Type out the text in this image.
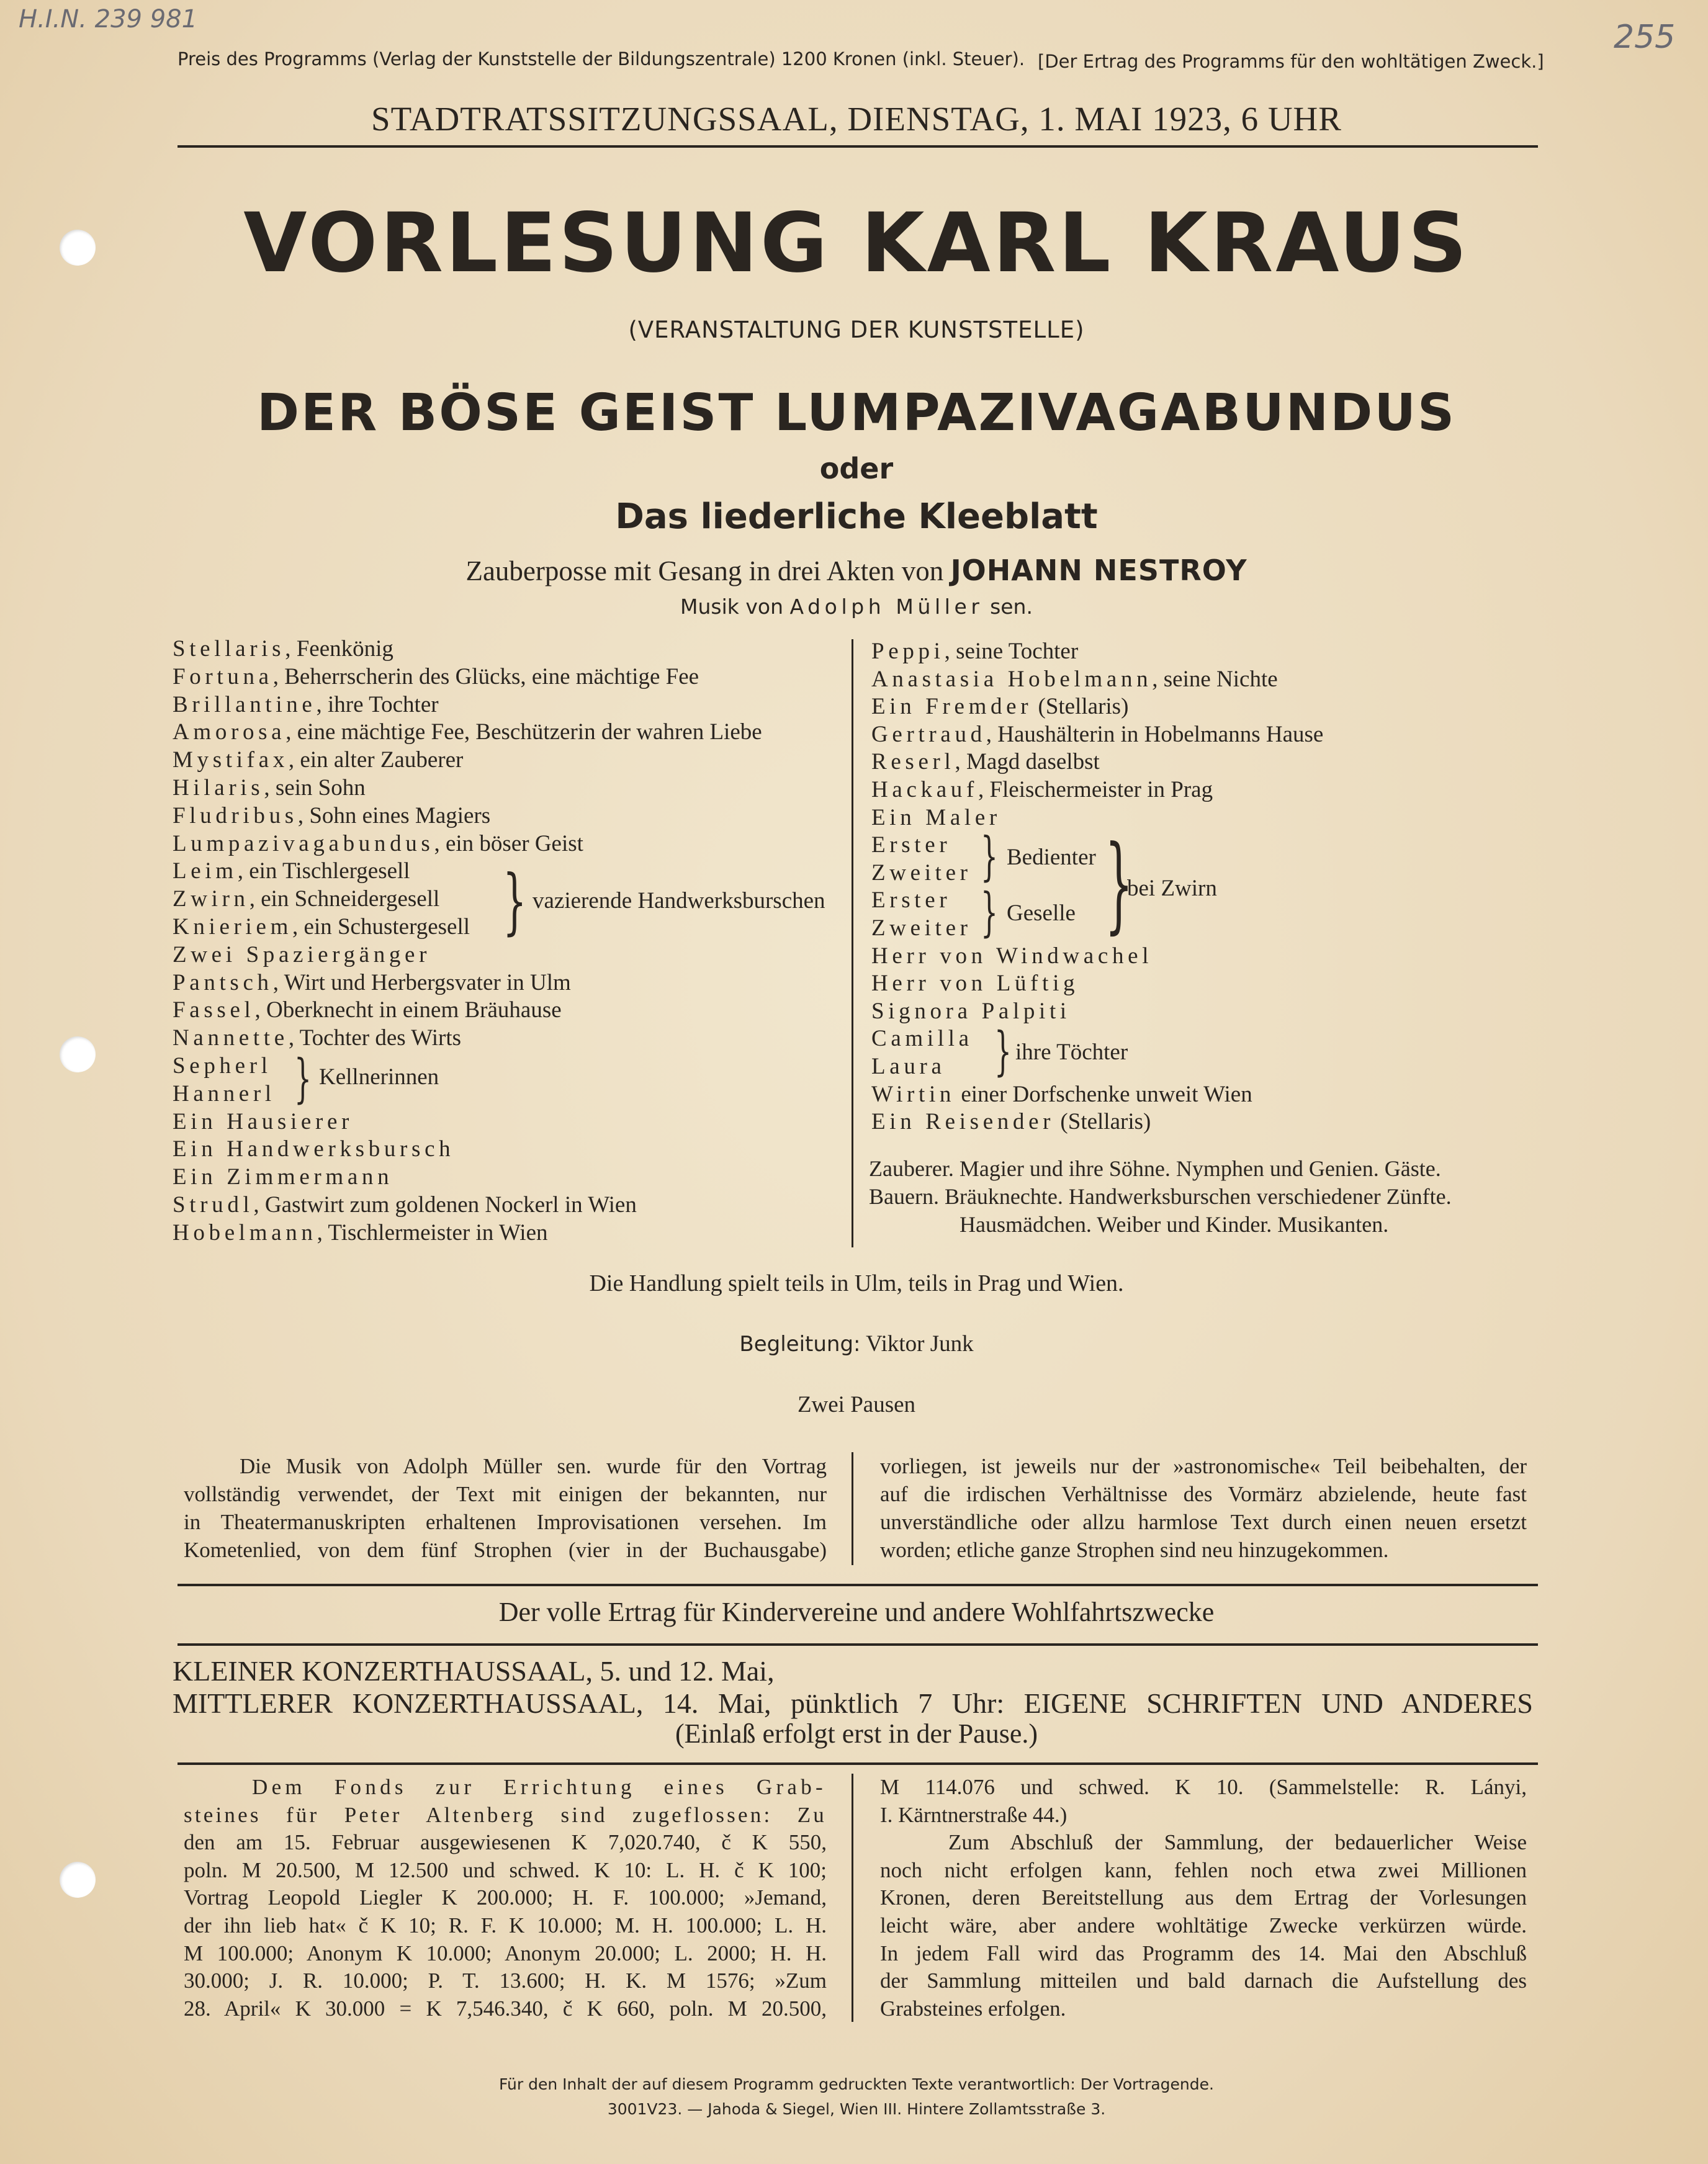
H.I.N. 239 981	255
Preis des Programms (Verlag der Kunststelle der Bildungszentrale) 1200 Kronen (inkl. Steuer). [Der Ertrag des Programms für den wohltätigen Zweck.]
STADTRATSSITZUNGSSAAL, DIENSTAG, 1. MAI 1923, 6 UHR
VORLESUNG KARL KRAUS
(VERANSTALTUNG DER KUNSTSTELLE)
DER BÖSE GEIST LUMPAZIVAGABUNDUS
oder
Das liederliche Kleeblatt
Zauberposse mit Gesang in drei Akten von JOHANN NESTROY
Musik von Adolph Müller sen.
Stellaris, Feenkönig
Fortuna, Beherrscherin des Glücks, eine mächtige Fee
Brillantine, ihre Tochter
Amorosa, eine mächtige Fee, Beschützerin der wahren Liebe
Mystifax, ein alter Zauberer
Hilaris, sein Sohn
Fludribus, Sohn eines Magiers
Lumpazivagabundus, ein böser Geist
Leim, ein Tischlergesell
Zwirn, ein Schneidergesell
Knieriem, ein Schustergesell
Zwei Spaziergänger
Pantsch, Wirt und Herbergsvater in Ulm
Fassel, Oberknecht in einem Bräuhause
Nannette, Tochter des Wirts
Sepherl
Hannerl
Ein Hausierer
Ein Handwerksbursch
Ein Zimmermann
Strudl, Gastwirt zum goldenen Nockerl in Wien
Hobelmann, Tischlermeister in Wien
Peppi, seine Tochter
Anastasia Hobelmann, seine Nichte
Ein Fremder (Stellaris)
Gertraud, Haushälterin in Hobelmanns Hause
Reserl, Magd daselbst
Hackauf, Fleischermeister in Prag
Ein Maler
Erster
Zweiter
Erster
Zweiter
Herr von Windwachel
Herr von Lüftig
Signora Palpiti
Camilla
Laura
Wirtin einer Dorfschenke unweit Wien
Ein Reisender (Stellaris)
} vazierende Handwerksburschen
} Kellnerinnen
} Bedienter
} Geselle }
bei Zwirn
} ihre Töchter
Zauberer. Magier und ihre Söhne. Nymphen und Genien. Gäste.
Bauern. Bräuknechte. Handwerksburschen verschiedener Zünfte.
Hausmädchen. Weiber und Kinder. Musikanten.
Die Handlung spielt teils in Ulm, teils in Prag und Wien.
Begleitung: Viktor Junk
Zwei Pausen
Die Musik von Adolph Müller sen. wurde für den Vortrag
vollständig verwendet, der Text mit einigen der bekannten, nur
in Theatermanuskripten erhaltenen Improvisationen versehen. Im
Kometenlied, von dem fünf Strophen (vier in der Buchausgabe)
vorliegen, ist jeweils nur der »astronomische« Teil beibehalten, der
auf die irdischen Verhältnisse des Vormärz abzielende, heute fast
unverständliche oder allzu harmlose Text durch einen neuen ersetzt
worden; etliche ganze Strophen sind neu hinzugekommen.
Der volle Ertrag für Kindervereine und andere Wohlfahrtszwecke
KLEINER KONZERTHAUSSAAL, 5. und 12. Mai,
MITTLERER KONZERTHAUSSAAL, 14. Mai, pünktlich 7 Uhr: EIGENE SCHRIFTEN UND ANDERES
(Einlaß erfolgt erst in der Pause.)
Dem Fonds zur Errichtung eines Grab-
steines für Peter Altenberg sind zugeflossen: Zu
den am 15. Februar ausgewiesenen K 7,020.740, č K 550,
poln. M 20.500, M 12.500 und schwed. K 10: L. H. č K 100;
Vortrag Leopold Liegler K 200.000; H. F. 100.000; »Jemand,
der ihn lieb hat« č K 10; R. F. K 10.000; M. H. 100.000; L. H.
M 100.000; Anonym K 10.000; Anonym 20.000; L. 2000; H. H.
30.000; J. R. 10.000; P. T. 13.600; H. K. M 1576; »Zum
28. April« K 30.000 = K 7,546.340, č K 660, poln. M 20.500,
M 114.076 und schwed. K 10. (Sammelstelle: R. Lányi,
I. Kärntnerstraße 44.)
Zum Abschluß der Sammlung, der bedauerlicher Weise
noch nicht erfolgen kann, fehlen noch etwa zwei Millionen
Kronen, deren Bereitstellung aus dem Ertrag der Vorlesungen
leicht wäre, aber andere wohltätige Zwecke verkürzen würde.
In jedem Fall wird das Programm des 14. Mai den Abschluß
der Sammlung mitteilen und bald darnach die Aufstellung des
Grabsteines erfolgen.
Für den Inhalt der auf diesem Programm gedruckten Texte verantwortlich: Der Vortragende.
3001V23. — Jahoda & Siegel, Wien III. Hintere Zollamtsstraße 3.
